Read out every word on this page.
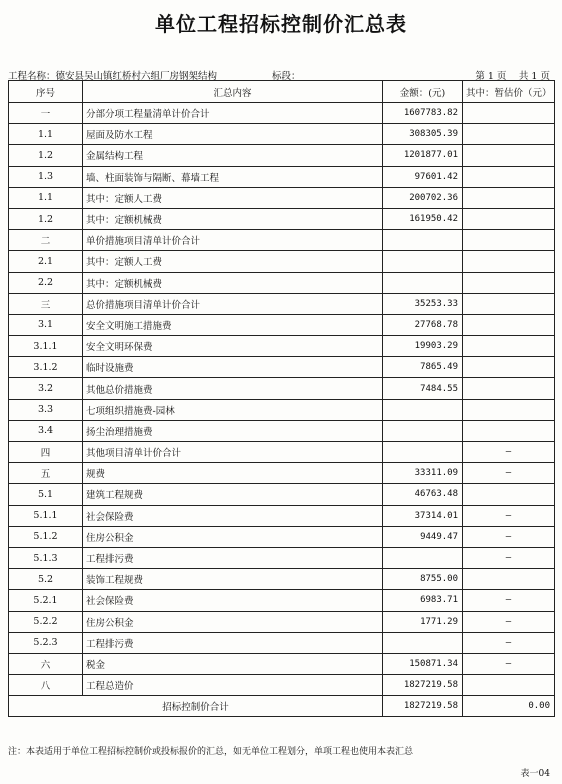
单位工程招标控制价汇总表
工程名称：德安县吴山镇红桥村六组厂房钢架结构	标段：	第 1 页　 共 1 页
序号	汇总内容	金额：(元)	其中：暂估价（元）
一	分部分项工程量清单计价合计	1607783.82	
1.1	屋面及防水工程	308305.39	
1.2	金属结构工程	1201877.01	
1.3	墙、柱面装饰与隔断、幕墙工程	97601.42	
1.1	其中：定额人工费	200702.36	
1.2	其中：定额机械费	161950.42	
二	单价措施项目清单计价合计		
2.1	其中：定额人工费		
2.2	其中：定额机械费		
三	总价措施项目清单计价合计	35253.33	
3.1	安全文明施工措施费	27768.78	
3.1.1	安全文明环保费	19903.29	
3.1.2	临时设施费	7865.49	
3.2	其他总价措施费	7484.55	
3.3	七项组织措施费-园林		
3.4	扬尘治理措施费		
四	其他项目清单计价合计		—
五	规费	33311.09	—
5.1	建筑工程规费	46763.48	
5.1.1	社会保险费	37314.01	—
5.1.2	住房公积金	9449.47	—
5.1.3	工程排污费		—
5.2	装饰工程规费	8755.00	
5.2.1	社会保险费	6983.71	—
5.2.2	住房公积金	1771.29	—
5.2.3	工程排污费		—
六	税金	150871.34	—
八	工程总造价	1827219.58	
招标控制价合计		1827219.58	0.00
注：本表适用于单位工程招标控制价或投标报价的汇总，如无单位工程划分，单项工程也使用本表汇总
表一04
